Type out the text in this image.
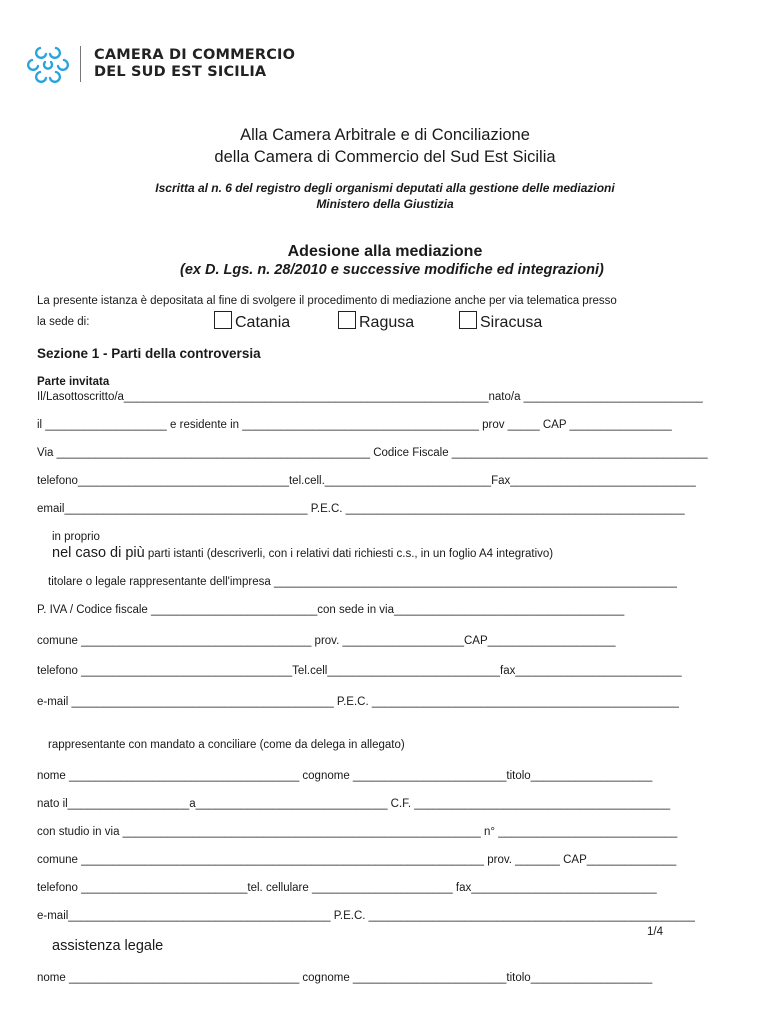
CAMERA DI COMMERCIO
DEL SUD EST SICILIA
Alla Camera Arbitrale e di Conciliazione
della Camera di Commercio del Sud Est Sicilia
Iscritta al n. 6 del registro degli organismi deputati alla gestione delle mediazioni
Ministero della Giustizia
Adesione alla mediazione
(ex D. Lgs. n. 28/2010 e successive modifiche ed integrazioni)
La presente istanza è depositata al fine di svolgere il procedimento di mediazione anche per via telematica presso
la sede di:	Catania	Ragusa	Siracusa
Sezione 1 - Parti della controversia
Parte invitata
Il/Lasottoscritto/a_________________________________________________________nato/a ____________________________
il ___________________ e residente in _____________________________________ prov _____ CAP ________________
Via _________________________________________________ Codice Fiscale ________________________________________
telefono_________________________________tel.cell.__________________________Fax_____________________________
email______________________________________ P.E.C. _____________________________________________________
in proprio
nel caso di più parti istanti (descriverli, con i relativi dati richiesti c.s., in un foglio A4 integrativo)
titolare o legale rappresentante dell'impresa _______________________________________________________________
P. IVA / Codice fiscale __________________________con sede in via____________________________________
comune ____________________________________ prov. ___________________CAP____________________
telefono _________________________________Tel.cell___________________________fax__________________________
e-mail _________________________________________ P.E.C. ________________________________________________
rappresentante con mandato a conciliare (come da delega in allegato)
nome ____________________________________ cognome ________________________titolo___________________
nato il___________________a______________________________ C.F. ________________________________________
con studio in via ________________________________________________________ n° ____________________________
comune _______________________________________________________________ prov. _______ CAP______________
telefono __________________________tel. cellulare ______________________ fax_____________________________
e-mail_________________________________________ P.E.C. ___________________________________________________
1/4
assistenza legale
nome ____________________________________ cognome ________________________titolo___________________
